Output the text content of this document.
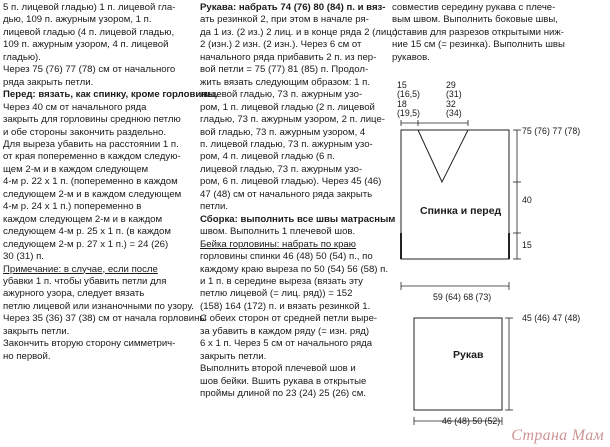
5 п. лицевой гладью) 1 п. лицевой гла-

дью, 109 п. ажурным узором, 1 п.

лицевой гладью (4 п. лицевой гладью,

109 п. ажурным узором, 4 п. лицевой

гладью).

Через 75 (76) 77 (78) см от начального

ряда закрыть петли.

Перед: вязать, как спинку, кроме горловины.

Через 40 см от начального ряда

закрыть для горловины среднюю петлю

и обе стороны закончить раздельно.

Для выреза убавить на расстоянии 1 п.

от края попеременно в каждом следую-

щем 2-м и в каждом следующем

4-м р. 22 х 1 п. (попеременно в каждом

следующем 2-м и в каждом следующем

4-м р. 24 х 1 п.) попеременно в

каждом следующем 2-м и в каждом

следующем 4-м р. 25 х 1 п. (в каждом

следующем 2-м р. 27 х 1 п.) = 24 (26)

30 (31) п.

Примечание: в случае, если после

убавки 1 п. чтобы убавить петли для

ажурного узора, следует вязать

петлю лицевой или изнаночными по узору.

Через 35 (36) 37 (38) см от начала горловины

закрыть петли.

Закончить вторую сторону симметрич-

но первой.

Рукава: набрать 74 (76) 80 (84) п. и вяз-

ать резинкой 2, при этом в начале ря-

да 1 из. (2 из.) 2 лиц. и в конце ряда 2 (лиц.)

2 (изн.) 2 изн. (2 изн.). Через 6 см от

начального ряда прибавить 2 п. из пер-

вой петли = 75 (77) 81 (85) п. Продол-

жить вязать следующим образом: 1 п.

лицевой гладью, 73 п. ажурным узо-

ром, 1 п. лицевой гладью (2 п. лицевой

гладью, 73 п. ажурным узором, 2 п. лице-

вой гладью, 73 п. ажурным узором, 4

п. лицевой гладью, 73 п. ажурным узо-

ром, 4 п. лицевой гладью (6 п.

лицевой гладью, 73 п. ажурным узо-

ром, 6 п. лицевой гладью). Через 45 (46)

47 (48) см от начального ряда закрыть

петли.

Сборка: выполнить все швы матрасным

швом. Выполнить 1 плечевой шов.

Бейка горловины: набрать по краю

горловины спинки 46 (48) 50 (54) п., по

каждому краю выреза по 50 (54) 56 (58) п.

и 1 п. в середине выреза (вязать эту

петлю лицевой (= лиц. ряд)) = 152

(158) 164 (172) п. и вязать резинкой 1.

С обеих сторон от средней петли выре-

за убавить в каждом ряду (= изн. ряд)

6 х 1 п. Через 5 см от начального ряда

закрыть петли.

Выполнить второй плечевой шов и

шов бейки. Вшить рукава в открытые

проймы длиной по 23 (24) 25 (26) см.

совместив середину рукава с плече-

вым швом. Выполнить боковые швы,

оставив для разрезов открытыми ниж-

ние 15 см (= резинка). Выполнить швы

рукавов.

15
(16,5)
18
(19,5)
29
(31)
32
(34)
75 (76) 77 (78)
40
15
Спинка и перед
59 (64) 68 (73)
45 (46) 47 (48)
Рукав
46 (48) 50 (52)
Страна Мам
